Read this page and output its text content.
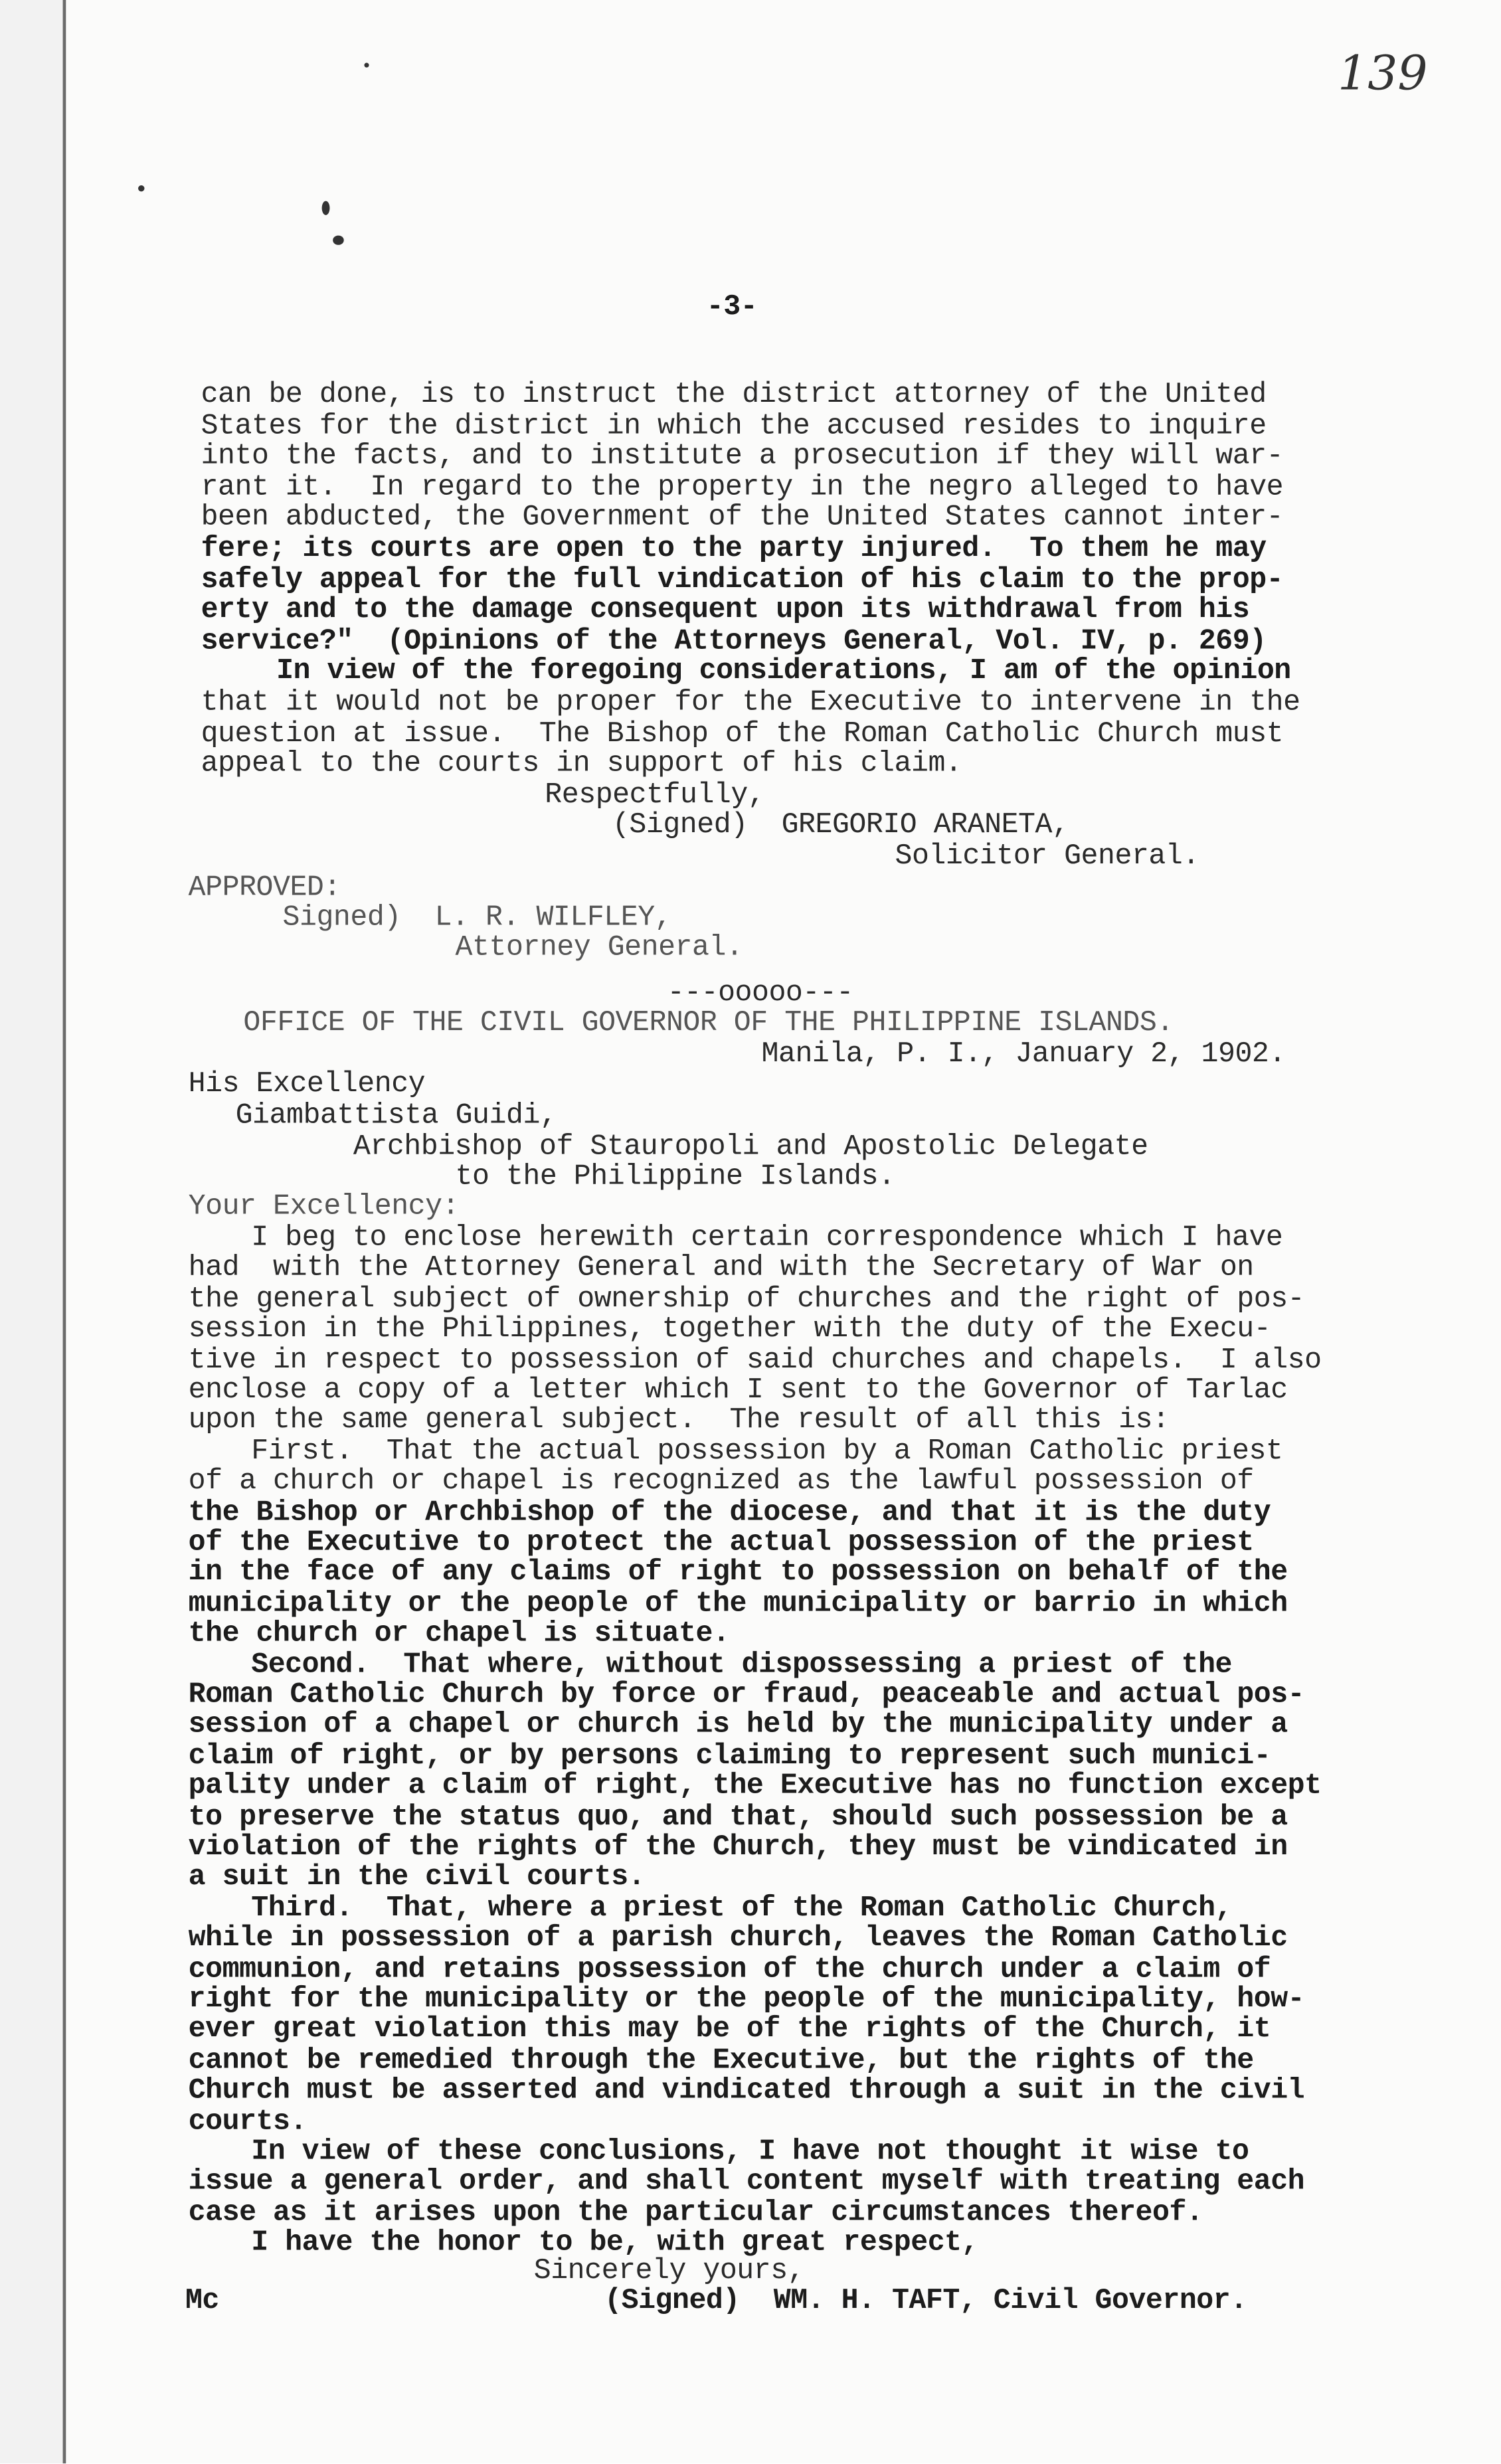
139
-3-
can be done, is to instruct the district attorney of the United
States for the district in which the accused resides to inquire
into the facts, and to institute a prosecution if they will war-
rant it.  In regard to the property in the negro alleged to have
been abducted, the Government of the United States cannot inter-
fere; its courts are open to the party injured.  To them he may
safely appeal for the full vindication of his claim to the prop-
erty and to the damage consequent upon its withdrawal from his
service?"  (Opinions of the Attorneys General, Vol. IV, p. 269)
In view of the foregoing considerations, I am of the opinion
that it would not be proper for the Executive to intervene in the
question at issue.  The Bishop of the Roman Catholic Church must
appeal to the courts in support of his claim.
Respectfully,
(Signed)  GREGORIO ARANETA,
Solicitor General.
APPROVED:
Signed)  L. R. WILFLEY,
Attorney General.
---ooooo---
OFFICE OF THE CIVIL GOVERNOR OF THE PHILIPPINE ISLANDS.
Manila, P. I., January 2, 1902.
His Excellency
Giambattista Guidi,
Archbishop of Stauropoli and Apostolic Delegate
to the Philippine Islands.
Your Excellency:
I beg to enclose herewith certain correspondence which I have
had  with the Attorney General and with the Secretary of War on
the general subject of ownership of churches and the right of pos-
session in the Philippines, together with the duty of the Execu-
tive in respect to possession of said churches and chapels.  I also
enclose a copy of a letter which I sent to the Governor of Tarlac
upon the same general subject.  The result of all this is:
First.  That the actual possession by a Roman Catholic priest
of a church or chapel is recognized as the lawful possession of
the Bishop or Archbishop of the diocese, and that it is the duty
of the Executive to protect the actual possession of the priest
in the face of any claims of right to possession on behalf of the
municipality or the people of the municipality or barrio in which
the church or chapel is situate.
Second.  That where, without dispossessing a priest of the
Roman Catholic Church by force or fraud, peaceable and actual pos-
session of a chapel or church is held by the municipality under a
claim of right, or by persons claiming to represent such munici-
pality under a claim of right, the Executive has no function except
to preserve the status quo, and that, should such possession be a
violation of the rights of the Church, they must be vindicated in
a suit in the civil courts.
Third.  That, where a priest of the Roman Catholic Church,
while in possession of a parish church, leaves the Roman Catholic
communion, and retains possession of the church under a claim of
right for the municipality or the people of the municipality, how-
ever great violation this may be of the rights of the Church, it
cannot be remedied through the Executive, but the rights of the
Church must be asserted and vindicated through a suit in the civil
courts.
In view of these conclusions, I have not thought it wise to
issue a general order, and shall content myself with treating each
case as it arises upon the particular circumstances thereof.
I have the honor to be, with great respect,
Sincerely yours,
Mc	(Signed)  WM. H. TAFT, Civil Governor.
